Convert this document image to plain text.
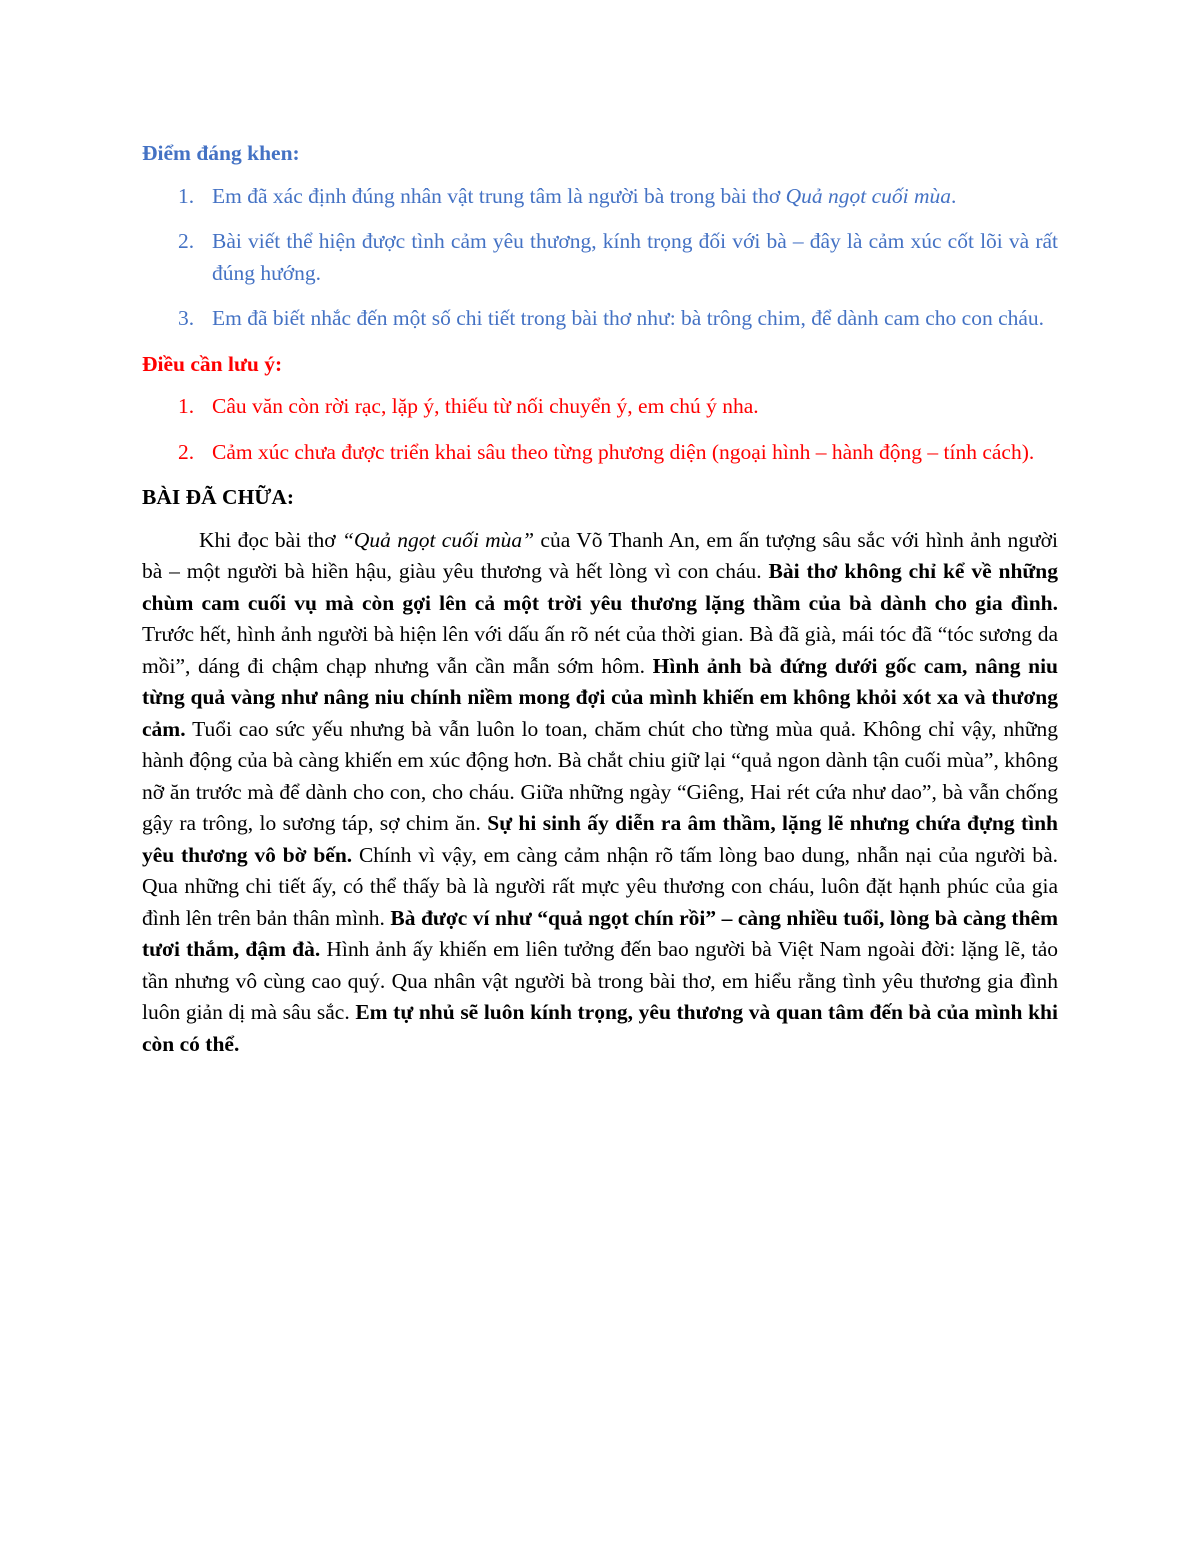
Điểm đáng khen:
1. Em đã xác định đúng nhân vật trung tâm là người bà trong bài thơ Quả ngọt cuối mùa.
2. Bài viết thể hiện được tình cảm yêu thương, kính trọng đối với bà – đây là cảm xúc cốt lõi và rất đúng hướng.
3. Em đã biết nhắc đến một số chi tiết trong bài thơ như: bà trông chim, để dành cam cho con cháu.
Điều cần lưu ý:
1. Câu văn còn rời rạc, lặp ý, thiếu từ nối chuyển ý, em chú ý nha.
2. Cảm xúc chưa được triển khai sâu theo từng phương diện (ngoại hình – hành động – tính cách).
BÀI ĐÃ CHỮA:

Khi đọc bài thơ “Quả ngọt cuối mùa” của Võ Thanh An, em ấn tượng sâu sắc với hình ảnh người bà – một người bà hiền hậu, giàu yêu thương và hết lòng vì con cháu. Bài thơ không chỉ kể về những chùm cam cuối vụ mà còn gợi lên cả một trời yêu thương lặng thầm của bà dành cho gia đình. Trước hết, hình ảnh người bà hiện lên với dấu ấn rõ nét của thời gian. Bà đã già, mái tóc đã “tóc sương da mồi”, dáng đi chậm chạp nhưng vẫn cần mẫn sớm hôm. Hình ảnh bà đứng dưới gốc cam, nâng niu từng quả vàng như nâng niu chính niềm mong đợi của mình khiến em không khỏi xót xa và thương cảm. Tuổi cao sức yếu nhưng bà vẫn luôn lo toan, chăm chút cho từng mùa quả. Không chỉ vậy, những hành động của bà càng khiến em xúc động hơn. Bà chắt chiu giữ lại “quả ngon dành tận cuối mùa”, không nỡ ăn trước mà để dành cho con, cho cháu. Giữa những ngày “Giêng, Hai rét cứa như dao”, bà vẫn chống gậy ra trông, lo sương táp, sợ chim ăn. Sự hi sinh ấy diễn ra âm thầm, lặng lẽ nhưng chứa đựng tình yêu thương vô bờ bến. Chính vì vậy, em càng cảm nhận rõ tấm lòng bao dung, nhẫn nại của người bà. Qua những chi tiết ấy, có thể thấy bà là người rất mực yêu thương con cháu, luôn đặt hạnh phúc của gia đình lên trên bản thân mình. Bà được ví như “quả ngọt chín rồi” – càng nhiều tuổi, lòng bà càng thêm tươi thắm, đậm đà. Hình ảnh ấy khiến em liên tưởng đến bao người bà Việt Nam ngoài đời: lặng lẽ, tảo tần nhưng vô cùng cao quý. Qua nhân vật người bà trong bài thơ, em hiểu rằng tình yêu thương gia đình luôn giản dị mà sâu sắc. Em tự nhủ sẽ luôn kính trọng, yêu thương và quan tâm đến bà của mình khi còn có thể.
